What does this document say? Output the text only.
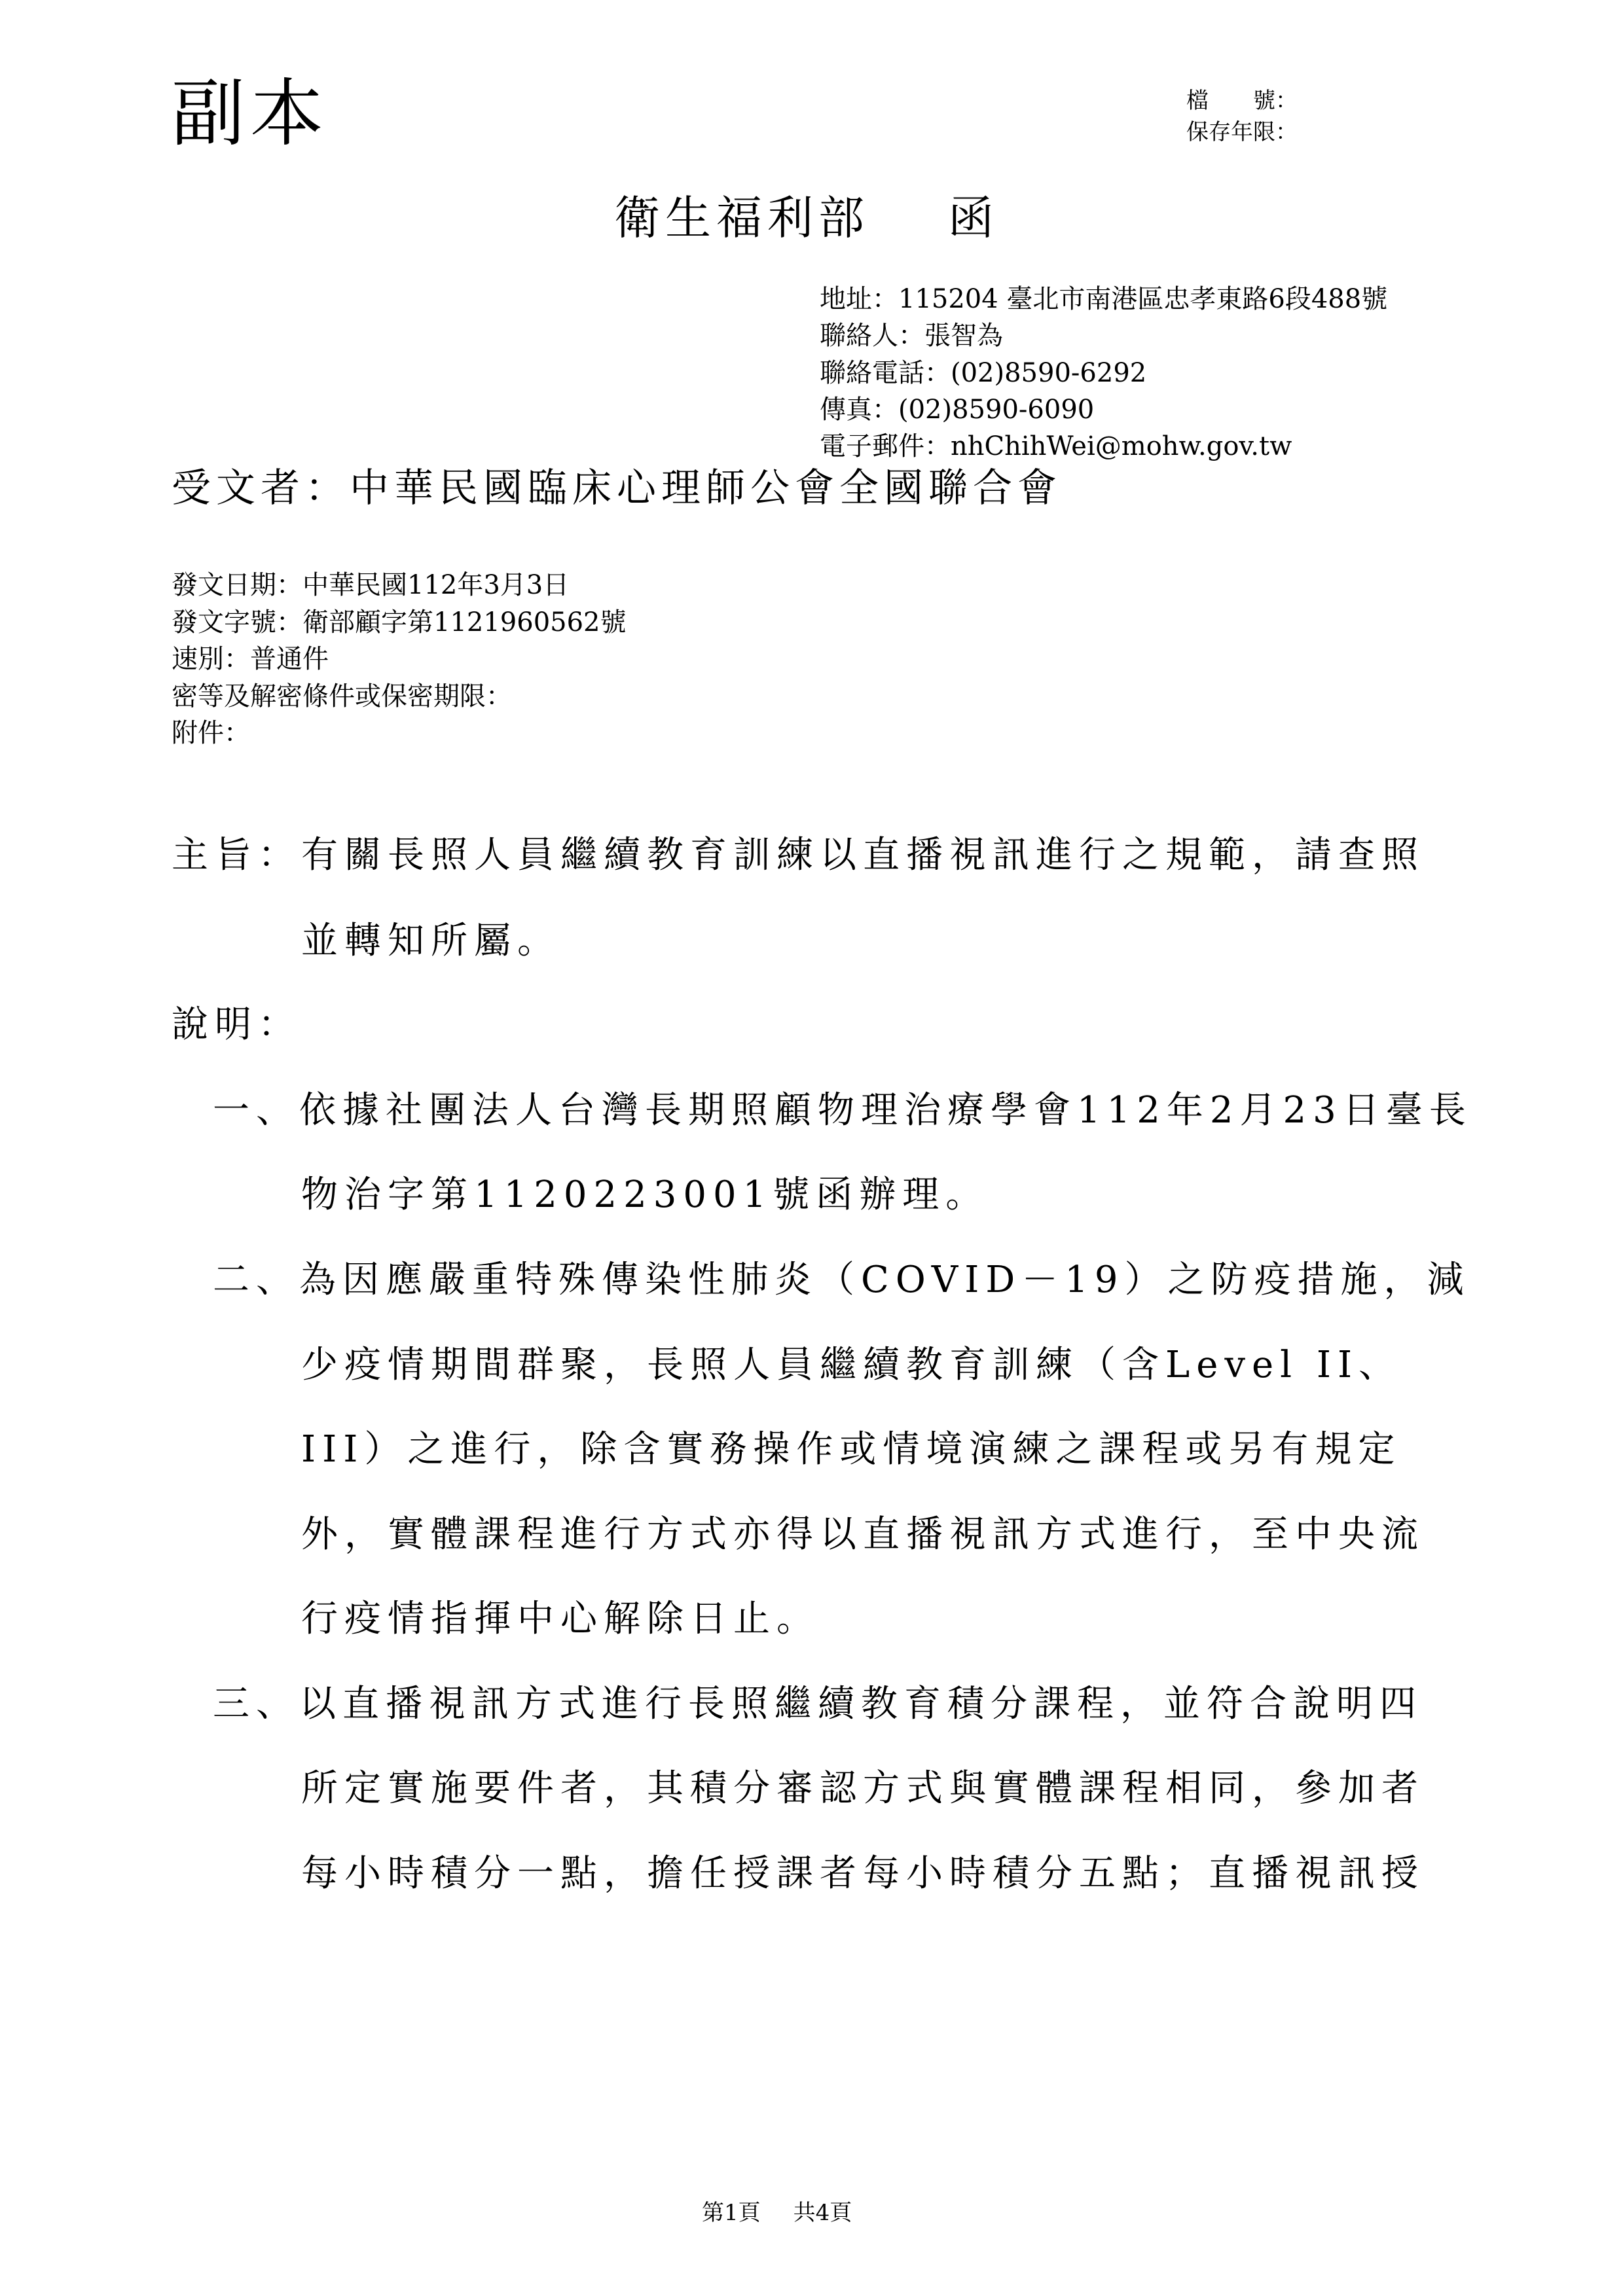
副本	檔　　號：
保存年限：
衛生福利部 函
地址：115204 臺北市南港區忠孝東路6段488號
聯絡人：張智為
聯絡電話：(02)8590-6292
傳真：(02)8590-6090
電子郵件：nhChihWei@mohw.gov.tw
受文者：中華民國臨床心理師公會全國聯合會
發文日期：中華民國112年3月3日
發文字號：衛部顧字第1121960562號
速別：普通件
密等及解密條件或保密期限：
附件：
主旨：有關長照人員繼續教育訓練以直播視訊進行之規範，請查照
並轉知所屬。
說明：
一、依據社團法人台灣長期照顧物理治療學會112年2月23日臺長
物治字第1120223001號函辦理。
二、為因應嚴重特殊傳染性肺炎（COVID－19）之防疫措施，減
少疫情期間群聚，長照人員繼續教育訓練（含Level II、
III）之進行，除含實務操作或情境演練之課程或另有規定
外，實體課程進行方式亦得以直播視訊方式進行，至中央流
行疫情指揮中心解除日止。
三、以直播視訊方式進行長照繼續教育積分課程，並符合說明四
所定實施要件者，其積分審認方式與實體課程相同，參加者
每小時積分一點，擔任授課者每小時積分五點；直播視訊授
第1頁 共4頁
